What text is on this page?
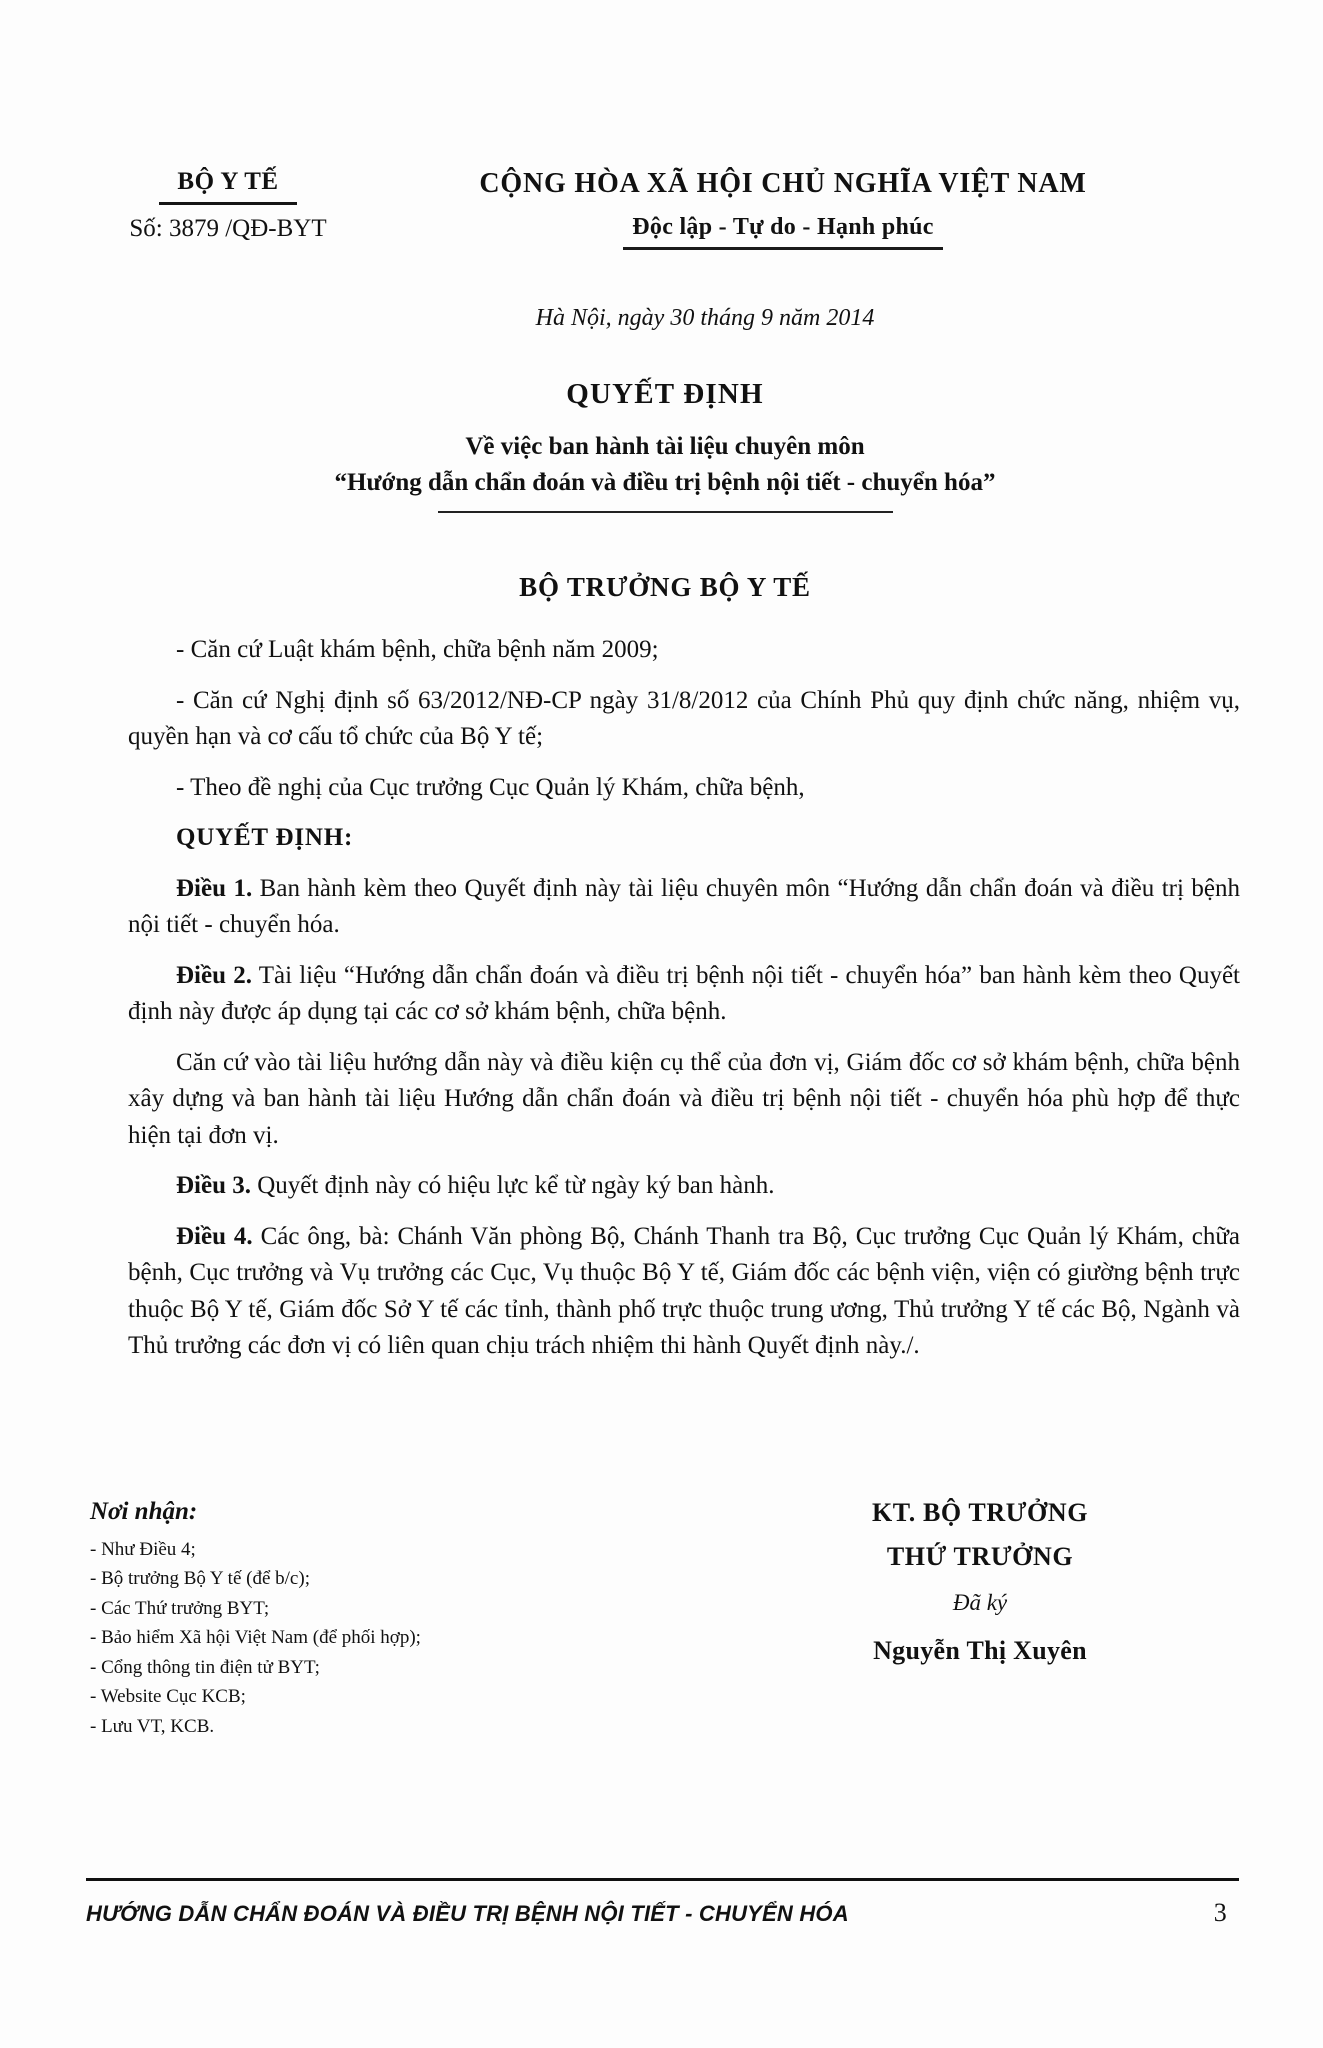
BỘ Y TẾ
Số: 3879 /QĐ-BYT
CỘNG HÒA XÃ HỘI CHỦ NGHĨA VIỆT NAM
Độc lập - Tự do - Hạnh phúc
Hà Nội, ngày 30 tháng 9 năm 2014
QUYẾT ĐỊNH
Về việc ban hành tài liệu chuyên môn
“Hướng dẫn chẩn đoán và điều trị bệnh nội tiết - chuyển hóa”
BỘ TRƯỞNG BỘ Y TẾ

- Căn cứ Luật khám bệnh, chữa bệnh năm 2009;

- Căn cứ Nghị định số 63/2012/NĐ-CP ngày 31/8/2012 của Chính Phủ quy định chức năng, nhiệm vụ, quyền hạn và cơ cấu tổ chức của Bộ Y tế;

- Theo đề nghị của Cục trưởng Cục Quản lý Khám, chữa bệnh,

QUYẾT ĐỊNH:

Điều 1. Ban hành kèm theo Quyết định này tài liệu chuyên môn “Hướng dẫn chẩn đoán và điều trị bệnh nội tiết - chuyển hóa.

Điều 2. Tài liệu “Hướng dẫn chẩn đoán và điều trị bệnh nội tiết - chuyển hóa” ban hành kèm theo Quyết định này được áp dụng tại các cơ sở khám bệnh, chữa bệnh.

Căn cứ vào tài liệu hướng dẫn này và điều kiện cụ thể của đơn vị, Giám đốc cơ sở khám bệnh, chữa bệnh xây dựng và ban hành tài liệu Hướng dẫn chẩn đoán và điều trị bệnh nội tiết - chuyển hóa phù hợp để thực hiện tại đơn vị.

Điều 3. Quyết định này có hiệu lực kể từ ngày ký ban hành.

Điều 4. Các ông, bà: Chánh Văn phòng Bộ, Chánh Thanh tra Bộ, Cục trưởng Cục Quản lý Khám, chữa bệnh, Cục trưởng và Vụ trưởng các Cục, Vụ thuộc Bộ Y tế, Giám đốc các bệnh viện, viện có giường bệnh trực thuộc Bộ Y tế, Giám đốc Sở Y tế các tỉnh, thành phố trực thuộc trung ương, Thủ trưởng Y tế các Bộ, Ngành và Thủ trưởng các đơn vị có liên quan chịu trách nhiệm thi hành Quyết định này./.

Nơi nhận:
- Như Điều 4;
- Bộ trưởng Bộ Y tế (để b/c);
- Các Thứ trưởng BYT;
- Bảo hiểm Xã hội Việt Nam (để phối hợp);
- Cổng thông tin điện tử BYT;
- Website Cục KCB;
- Lưu VT, KCB.
KT. BỘ TRƯỞNG
THỨ TRƯỞNG
Đã ký
Nguyễn Thị Xuyên
HƯỚNG DẪN CHẨN ĐOÁN VÀ ĐIỀU TRỊ BỆNH NỘI TIẾT - CHUYỂN HÓA	3
